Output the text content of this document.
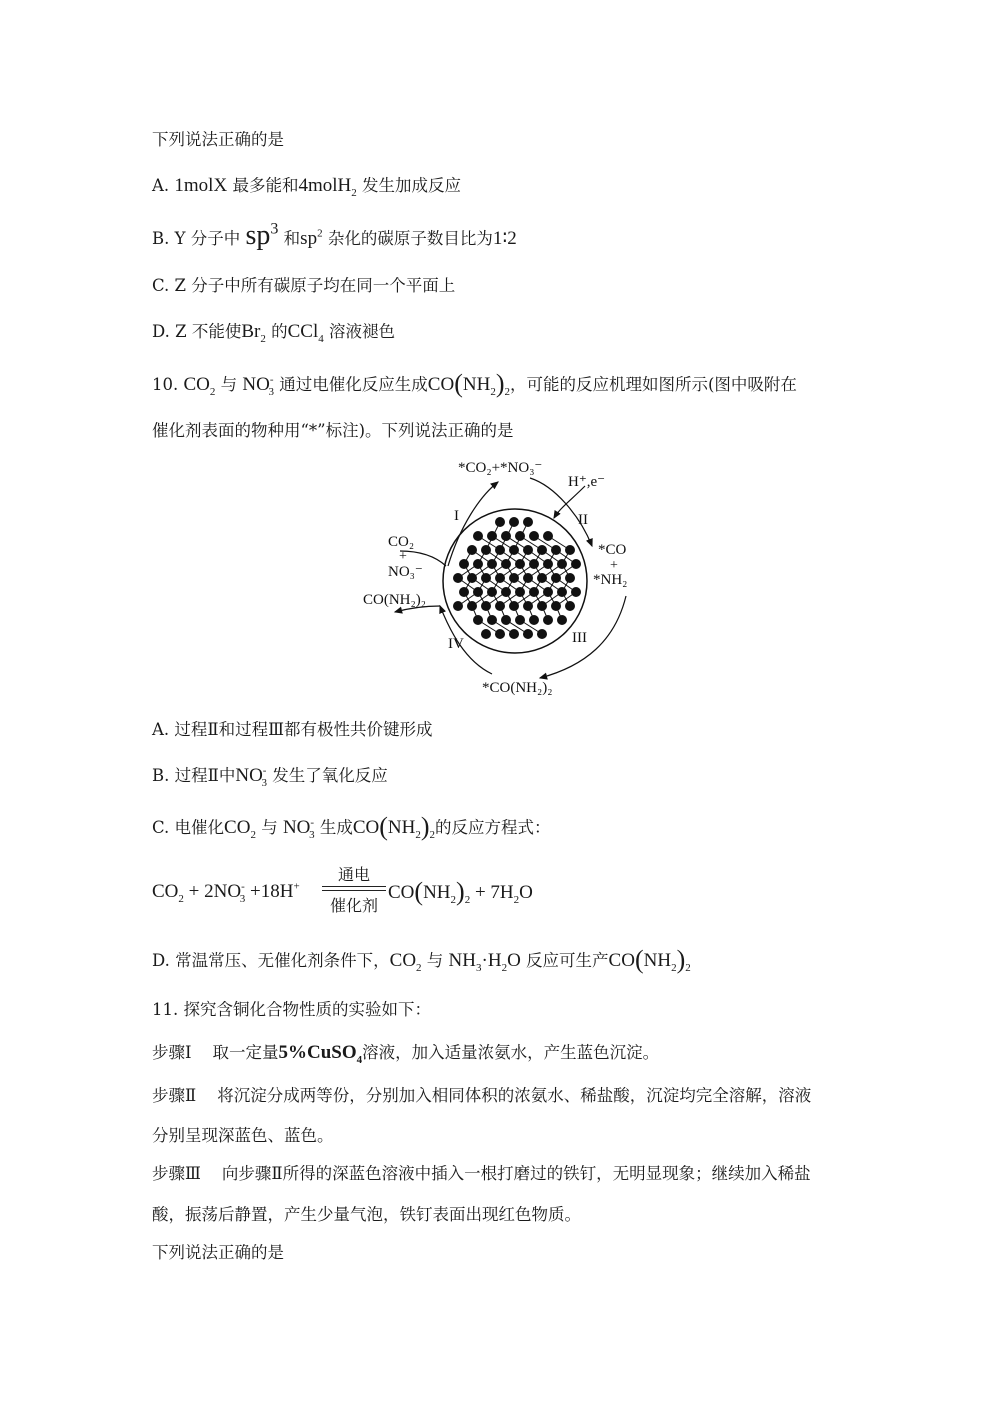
下列说法正确的是
A. 1molX 最多能和4molH$_2$ 发生加成反应
B. Y 分子中 $sp^3$ 和$sp^2$ 杂化的碳原子数目比为1∶2
C. Z 分子中所有碳原子均在同一个平面上
D. Z 不能使$Br_2$ 的CCl$_4$ 溶液褪色
10. $CO_2$ 与 $NO^-_3$ 通过电催化反应生成$CO(NH_2)_2$，可能的反应机理如图所示(图中吸附在
催化剂表面的物种用“*”标注)。下列说法正确的是
*CO₂+*NO₃⁻
H⁺,e⁻
CO₂
+
NO₃⁻
CO(NH₂)₂
*CO
+
*NH₂
*CO(NH₂)₂
I	II
III
IV
A. 过程Ⅱ和过程Ⅲ都有极性共价键形成
B. 过程Ⅱ中$NO^-_3$ 发生了氧化反应
C. 电催化$CO_2$ 与 $NO^-_3$ 生成$CO(NH_2)_2$的反应方程式：
$CO_2 + 2NO^-_3 +18H^+$
通电
催化剂
$CO(NH_2)_2 + 7H_2O$
D. 常温常压、无催化剂条件下，$CO_2$ 与 $NH_3\cdot H_2O$ 反应可生产$CO(NH_2)_2$
11. 探究含铜化合物性质的实验如下：
步骤Ⅰ 取一定量5%CuSO$_4$溶液，加入适量浓氨水，产生蓝色沉淀。
步骤Ⅱ 将沉淀分成两等份，分别加入相同体积的浓氨水、稀盐酸，沉淀均完全溶解，溶液
分别呈现深蓝色、蓝色。
步骤Ⅲ 向步骤Ⅱ所得的深蓝色溶液中插入一根打磨过的铁钉，无明显现象；继续加入稀盐
酸，振荡后静置，产生少量气泡，铁钉表面出现红色物质。
下列说法正确的是
